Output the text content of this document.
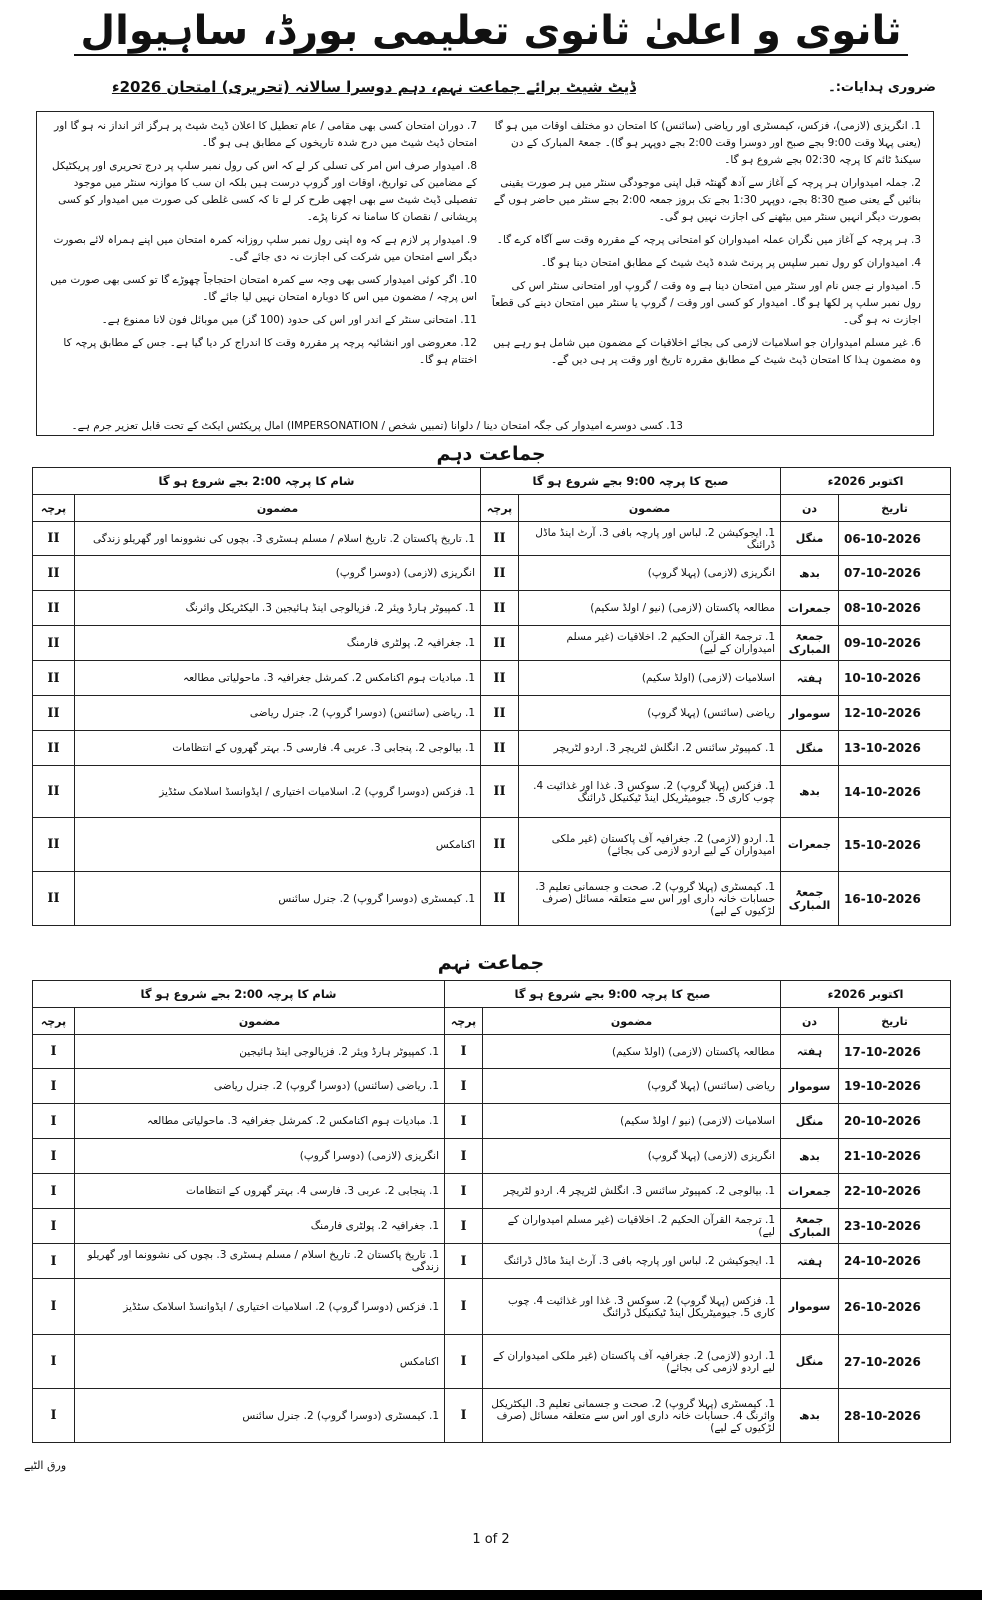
ثانوی و اعلیٰ ثانوی تعلیمی بورڈ، ساہیوال
ضروری ہدایات:۔
ڈیٹ شیٹ برائے جماعت نہم، دہم دوسرا سالانہ (تحریری) امتحان 2026ء
1. انگریزی (لازمی)، فزکس، کیمسٹری اور ریاضی (سائنس) کا امتحان دو مختلف اوقات میں ہو گا (یعنی پہلا وقت 9:00 بجے صبح اور دوسرا وقت 2:00 بجے دوپہر ہو گا)۔ جمعۃ المبارک کے دن سیکنڈ ٹائم کا پرچہ 02:30 بجے شروع ہو گا۔
2. جملہ امیدواران ہر پرچہ کے آغاز سے آدھ گھنٹہ قبل اپنی موجودگی سنٹر میں ہر صورت یقینی بنائیں گے یعنی صبح 8:30 بجے، دوپہر 1:30 بجے تک بروز جمعہ 2:00 بجے سنٹر میں حاضر ہوں گے بصورت دیگر انہیں سنٹر میں بیٹھنے کی اجازت نہیں ہو گی۔
3. ہر پرچہ کے آغاز میں نگران عملہ امیدواران کو امتحانی پرچہ کے مقررہ وقت سے آگاہ کرے گا۔
4. امیدواران کو رول نمبر سلپس پر پرنٹ شدہ ڈیٹ شیٹ کے مطابق امتحان دینا ہو گا۔
5. امیدوار نے جس نام اور سنٹر میں امتحان دینا ہے وہ وقت / گروپ اور امتحانی سنٹر اس کی رول نمبر سلپ پر لکھا ہو گا۔ امیدوار کو کسی اور وقت / گروپ یا سنٹر میں امتحان دینے کی قطعاً اجازت نہ ہو گی۔
6. غیر مسلم امیدواران جو اسلامیات لازمی کی بجائے اخلاقیات کے مضمون میں شامل ہو رہے ہیں وہ مضمون ہذا کا امتحان ڈیٹ شیٹ کے مطابق مقررہ تاریخ اور وقت پر ہی دیں گے۔
7. دوران امتحان کسی بھی مقامی / عام تعطیل کا اعلان ڈیٹ شیٹ پر ہرگز اثر انداز نہ ہو گا اور امتحان ڈیٹ شیٹ میں درج شدہ تاریخوں کے مطابق ہی ہو گا۔
8. امیدوار صرف اس امر کی تسلی کر لے کہ اس کی رول نمبر سلپ پر درج تحریری اور پریکٹیکل کے مضامین کی تواریخ، اوقات اور گروپ درست ہیں بلکہ ان سب کا موازنہ سنٹر میں موجود تفصیلی ڈیٹ شیٹ سے بھی اچھی طرح کر لے تا کہ کسی غلطی کی صورت میں امیدوار کو کسی پریشانی / نقصان کا سامنا نہ کرنا پڑے۔
9. امیدوار پر لازم ہے کہ وہ اپنی رول نمبر سلپ روزانہ کمرہ امتحان میں اپنے ہمراہ لائے بصورت دیگر اسے امتحان میں شرکت کی اجازت نہ دی جائے گی۔
10. اگر کوئی امیدوار کسی بھی وجہ سے کمرہ امتحان احتجاجاً چھوڑے گا تو کسی بھی صورت میں اس پرچہ / مضمون میں اس کا دوبارہ امتحان نہیں لیا جائے گا۔
11. امتحانی سنٹر کے اندر اور اس کی حدود (100 گز) میں موبائل فون لانا ممنوع ہے۔
12. معروضی اور انشائیہ پرچہ پر مقررہ وقت کا اندراج کر دیا گیا ہے۔ جس کے مطابق پرچہ کا اختتام ہو گا۔
13. کسی دوسرے امیدوار کی جگہ امتحان دینا / دلوانا (تمبیں شخص / IMPERSONATION) امال پریکٹس ایکٹ کے تحت قابل تعزیر جرم ہے۔
جماعت دہم
اکتوبر 2026ء		صبح کا پرچہ 9:00 بجے شروع ہو گا		شام کا پرچہ 2:00 بجے شروع ہو گا	
تاریخ	دن	مضمون	پرچہ	مضمون	پرچہ
06-10-2026	منگل	1. ایجوکیشن 2. لباس اور پارچہ بافی 3. آرٹ اینڈ ماڈل ڈرائنگ	II	1. تاریخ پاکستان 2. تاریخ اسلام / مسلم ہسٹری 3. بچوں کی نشوونما اور گھریلو زندگی	II
07-10-2026	بدھ	انگریزی (لازمی) (پہلا گروپ)	II	انگریزی (لازمی) (دوسرا گروپ)	II
08-10-2026	جمعرات	مطالعہ پاکستان (لازمی) (نیو / اولڈ سکیم)	II	1. کمپیوٹر ہارڈ ویئر 2. فزیالوجی اینڈ ہائیجین 3. الیکٹریکل وائرنگ	II
09-10-2026	جمعۃ المبارک	1. ترجمۃ القرآن الحکیم 2. اخلاقیات (غیر مسلم امیدواران کے لیے)	II	1. جغرافیہ 2. پولٹری فارمنگ	II
10-10-2026	ہفتہ	اسلامیات (لازمی) (اولڈ سکیم)	II	1. مبادیات ہوم اکنامکس 2. کمرشل جغرافیہ 3. ماحولیاتی مطالعہ	II
12-10-2026	سوموار	ریاضی (سائنس) (پہلا گروپ)	II	1. ریاضی (سائنس) (دوسرا گروپ) 2. جنرل ریاضی	II
13-10-2026	منگل	1. کمپیوٹر سائنس 2. انگلش لٹریچر 3. اردو لٹریچر	II	1. بیالوجی 2. پنجابی 3. عربی 4. فارسی 5. بہتر گھروں کے انتظامات	II
14-10-2026	بدھ	1. فزکس (پہلا گروپ) 2. سوکس 3. غذا اور غذائیت 4. چوب کاری 5. جیومیٹریکل اینڈ ٹیکنیکل ڈرائنگ	II	1. فزکس (دوسرا گروپ) 2. اسلامیات اختیاری / ایڈوانسڈ اسلامک سٹڈیز	II
15-10-2026	جمعرات	1. اردو (لازمی) 2. جغرافیہ آف پاکستان (غیر ملکی امیدواران کے لیے اردو لازمی کی بجائے)	II	اکنامکس	II
16-10-2026	جمعۃ المبارک	1. کیمسٹری (پہلا گروپ) 2. صحت و جسمانی تعلیم 3. حسابات خانہ داری اور اس سے متعلقہ مسائل (صرف لڑکیوں کے لیے)	II	1. کیمسٹری (دوسرا گروپ) 2. جنرل سائنس	II
جماعت نہم
اکتوبر 2026ء		صبح کا پرچہ 9:00 بجے شروع ہو گا		شام کا پرچہ 2:00 بجے شروع ہو گا	
تاریخ	دن	مضمون	پرچہ	مضمون	پرچہ
17-10-2026	ہفتہ	مطالعہ پاکستان (لازمی) (اولڈ سکیم)	I	1. کمپیوٹر ہارڈ ویئر 2. فزیالوجی اینڈ ہائیجین	I
19-10-2026	سوموار	ریاضی (سائنس) (پہلا گروپ)	I	1. ریاضی (سائنس) (دوسرا گروپ) 2. جنرل ریاضی	I
20-10-2026	منگل	اسلامیات (لازمی) (نیو / اولڈ سکیم)	I	1. مبادیات ہوم اکنامکس 2. کمرشل جغرافیہ 3. ماحولیاتی مطالعہ	I
21-10-2026	بدھ	انگریزی (لازمی) (پہلا گروپ)	I	انگریزی (لازمی) (دوسرا گروپ)	I
22-10-2026	جمعرات	1. بیالوجی 2. کمپیوٹر سائنس 3. انگلش لٹریچر 4. اردو لٹریچر	I	1. پنجابی 2. عربی 3. فارسی 4. بہتر گھروں کے انتظامات	I
23-10-2026	جمعۃ المبارک	1. ترجمۃ القرآن الحکیم 2. اخلاقیات (غیر مسلم امیدواران کے لیے)	I	1. جغرافیہ 2. پولٹری فارمنگ	I
24-10-2026	ہفتہ	1. ایجوکیشن 2. لباس اور پارچہ بافی 3. آرٹ اینڈ ماڈل ڈرائنگ	I	1. تاریخ پاکستان 2. تاریخ اسلام / مسلم ہسٹری 3. بچوں کی نشوونما اور گھریلو زندگی	I
26-10-2026	سوموار	1. فزکس (پہلا گروپ) 2. سوکس 3. غذا اور غذائیت 4. چوب کاری 5. جیومیٹریکل اینڈ ٹیکنیکل ڈرائنگ	I	1. فزکس (دوسرا گروپ) 2. اسلامیات اختیاری / ایڈوانسڈ اسلامک سٹڈیز	I
27-10-2026	منگل	1. اردو (لازمی) 2. جغرافیہ آف پاکستان (غیر ملکی امیدواران کے لیے اردو لازمی کی بجائے)	I	اکنامکس	I
28-10-2026	بدھ	1. کیمسٹری (پہلا گروپ) 2. صحت و جسمانی تعلیم 3. الیکٹریکل وائرنگ 4. حسابات خانہ داری اور اس سے متعلقہ مسائل (صرف لڑکیوں کے لیے)	I	1. کیمسٹری (دوسرا گروپ) 2. جنرل سائنس	I
ورق الٹیے
1 of 2
